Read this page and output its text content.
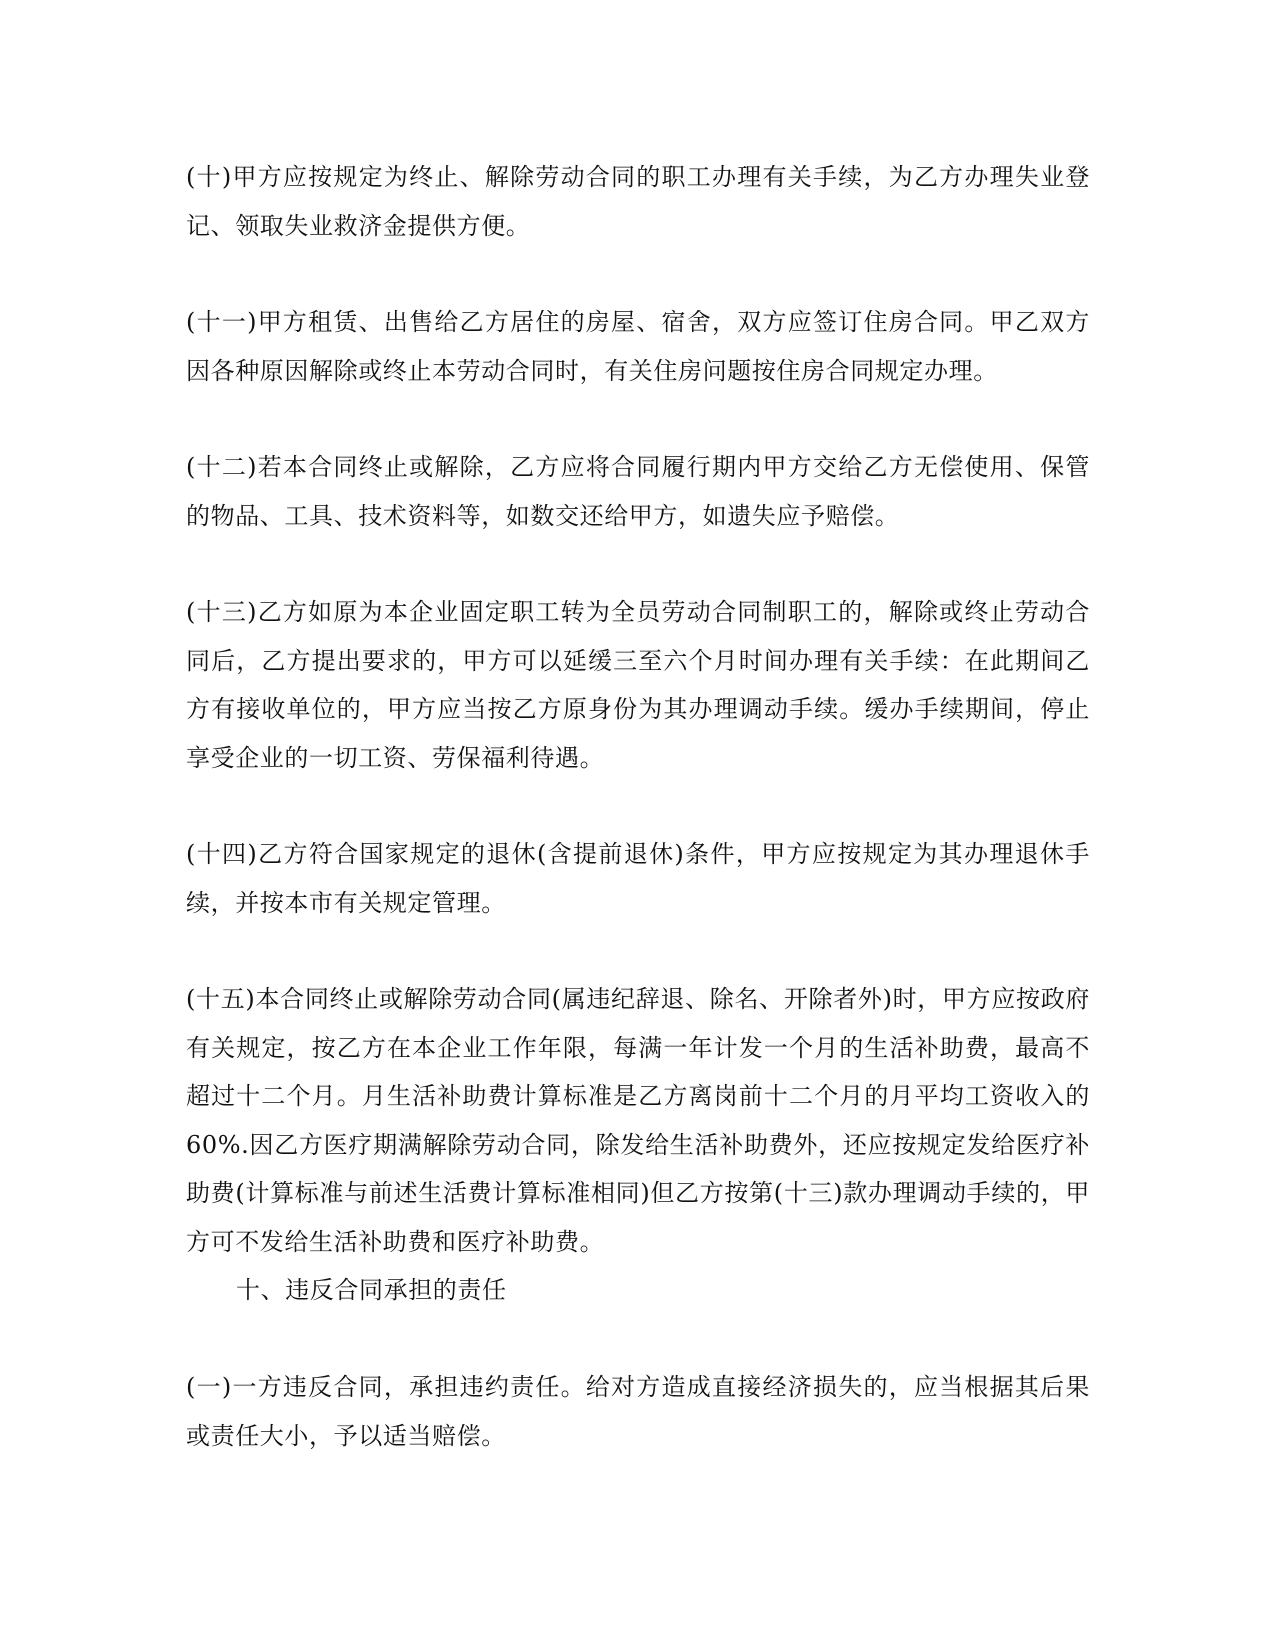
(十)甲方应按规定为终止、解除劳动合同的职工办理有关手续，为乙方办理失业登记、领取失业救济金提供方便。

(十一)甲方租赁、出售给乙方居住的房屋、宿舍，双方应签订住房合同。甲乙双方因各种原因解除或终止本劳动合同时，有关住房问题按住房合同规定办理。

(十二)若本合同终止或解除，乙方应将合同履行期内甲方交给乙方无偿使用、保管的物品、工具、技术资料等，如数交还给甲方，如遗失应予赔偿。

(十三)乙方如原为本企业固定职工转为全员劳动合同制职工的，解除或终止劳动合同后，乙方提出要求的，甲方可以延缓三至六个月时间办理有关手续：在此期间乙方有接收单位的，甲方应当按乙方原身份为其办理调动手续。缓办手续期间，停止享受企业的一切工资、劳保福利待遇。

(十四)乙方符合国家规定的退休(含提前退休)条件，甲方应按规定为其办理退休手续，并按本市有关规定管理。

(十五)本合同终止或解除劳动合同(属违纪辞退、除名、开除者外)时，甲方应按政府有关规定，按乙方在本企业工作年限，每满一年计发一个月的生活补助费，最高不超过十二个月。月生活补助费计算标准是乙方离岗前十二个月的月平均工资收入的60%.因乙方医疗期满解除劳动合同，除发给生活补助费外，还应按规定发给医疗补助费(计算标准与前述生活费计算标准相同)但乙方按第(十三)款办理调动手续的，甲方可不发给生活补助费和医疗补助费。

十、违反合同承担的责任

(一)一方违反合同，承担违约责任。给对方造成直接经济损失的，应当根据其后果或责任大小，予以适当赔偿。
